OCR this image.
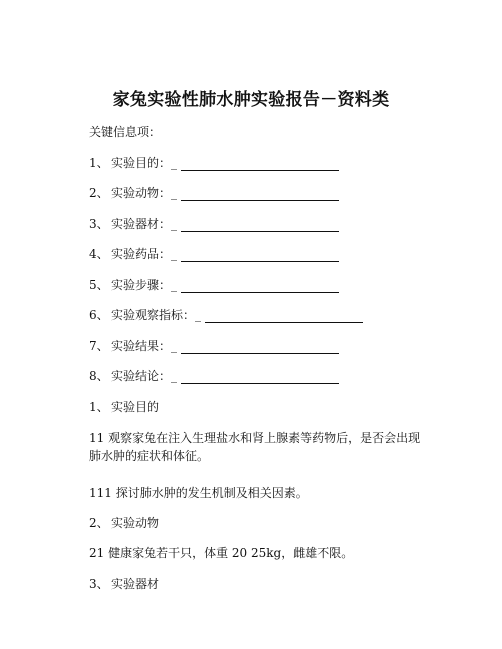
家兔实验性肺水肿实验报告－资料类
关键信息项：
1、 实验目的：_
2、 实验动物：_
3、 实验器材：_
4、 实验药品：_
5、 实验步骤：_
6、 实验观察指标：_
7、 实验结果：_
8、 实验结论：_
1、 实验目的
11 观察家兔在注入生理盐水和肾上腺素等药物后，是否会出现肺水肿的症状和体征。
111 探讨肺水肿的发生机制及相关因素。
2、 实验动物
21 健康家兔若干只，体重 20 25kg，雌雄不限。
3、 实验器材
